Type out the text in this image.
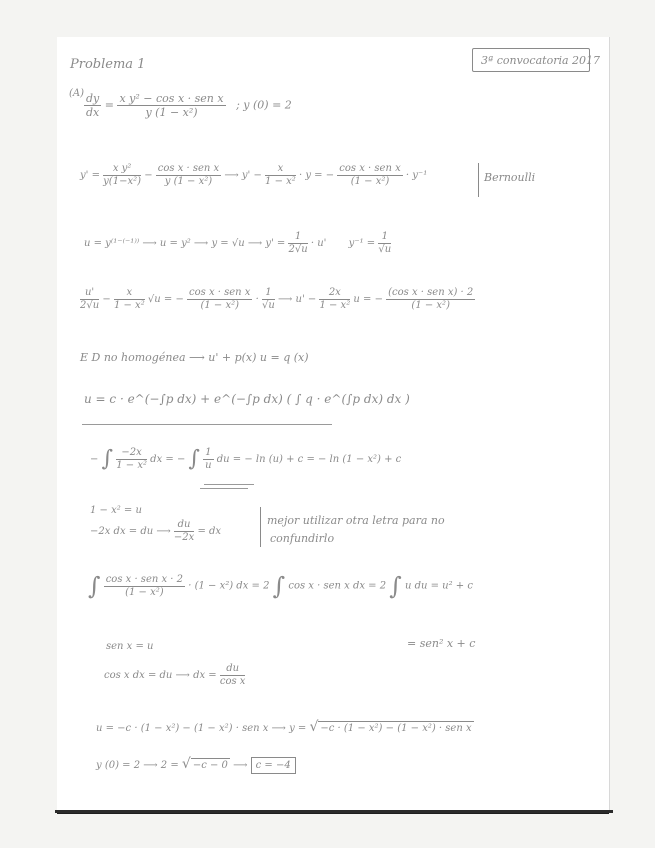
Problema 1	3ª convocatoria 2017
$(A) \frac{dy}{dx} = \frac{\text{x y² − cos x · sen x}}{\text{y (1 − x²)}}$ ; y (0) = 2
$y' = \frac{\text{x y²}}{\text{y(1−x²)}} - \frac{\text{cos x · sen x}}{\text{y (1 − x²)}}$ ⟶ $y' - \frac{x}{\text{1 − x²}} \cdot y$ = − $\frac{\text{cos x · sen x}}{\text{(1 − x²)}} \cdot y^{-1}$	Bernoulli
u = y⁽¹⁻⁽⁻¹⁾⁾ ⟶ u = y² ⟶ y = √u ⟶ $y' = \frac{1}{2√u} \cdot u'$ $y^{-1} = \frac{1}{√u}$
$\frac{u'}{2√u} - \frac{x}{\text{1 − x²}} √u$ = − $\frac{\text{cos x · sen x}}{\text{(1 − x²)}} \cdot \frac{1}{√u}$ ⟶ $u' - \frac{2x}{\text{1 − x²}}$ u = − $\frac{\text{(cos x · sen x) · 2}}{\text{(1 − x²)}}$
E D no homogénea ⟶ u' + p(x) u = q (x)
u = c · e^(−∫p dx) + e^(−∫p dx) ( ∫ q · e^(∫p dx) dx )
− ∫ $\frac{-2x}{\text{1 − x²}}$ dx = − ∫ $\frac{1}{u}$ du = − ln (u) + c = − ln (1 − x²) + c
1 − x² = u
−2x dx = du ⟶ $\frac{du}{-2x}$ = dx
mejor utilizar otra letra para no
confundirlo
∫ $\frac{\text{cos x · sen x · 2}}{\text{(1 − x²)}} \cdot (1 - x^2)$ dx = 2 ∫ cos x · sen x dx = 2 ∫ u du = u² + c
= sen² x + c
sen x = u
cos x dx = du ⟶ dx = $\frac{du}{\text{cos x}}$
u = −c · (1 − x²) − (1 − x²) · sen x ⟶ y = √ −c · (1 − x²) − (1 − x²) · sen x
y (0) = 2 ⟶ 2 = √ −c − 0 ⟶ c = −4
